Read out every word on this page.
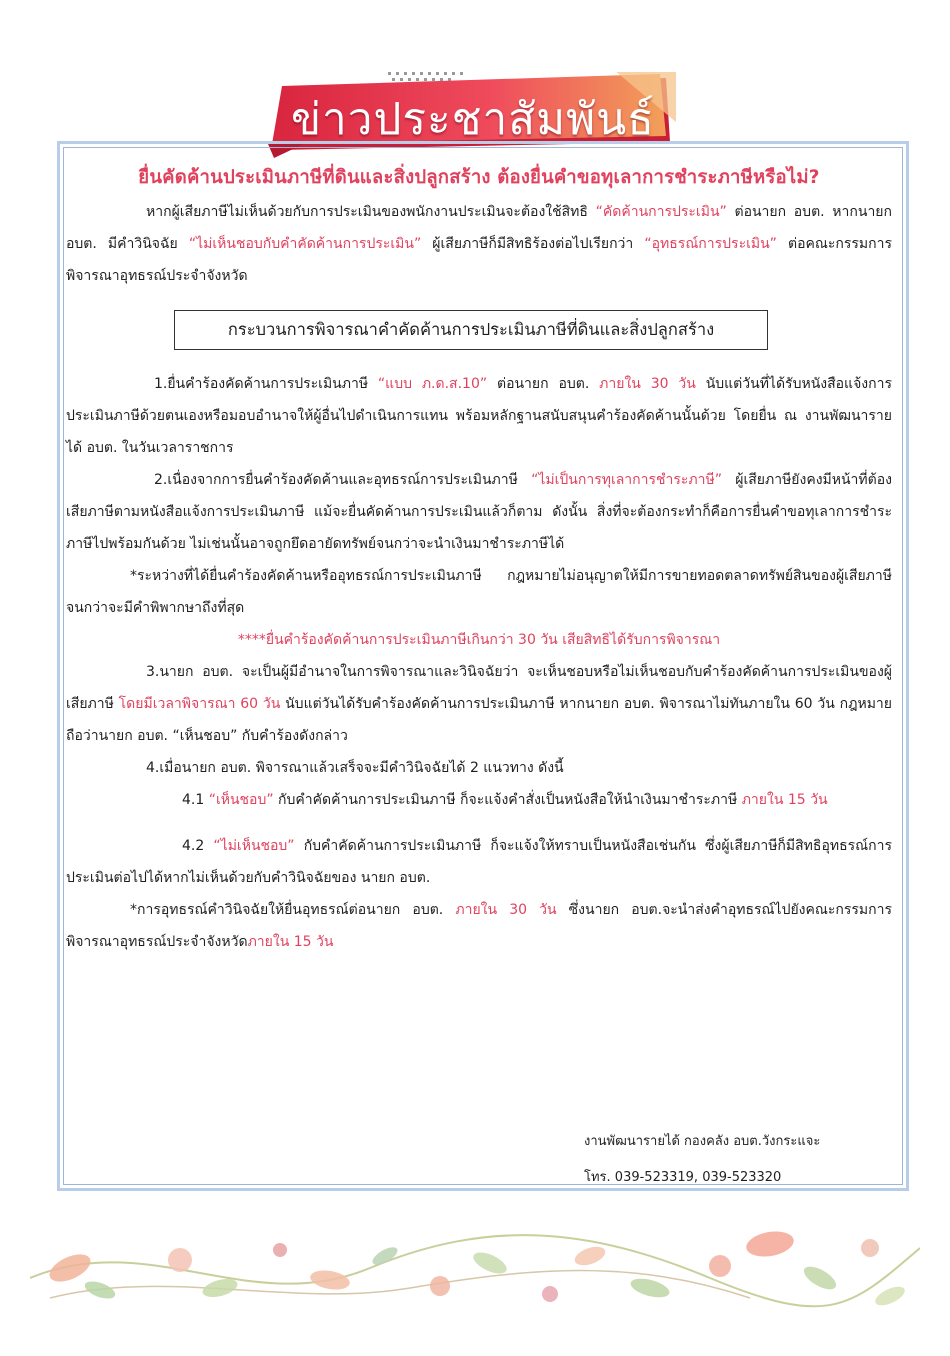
ข่าวประชาสัมพันธ์

ยื่นคัดค้านประเมินภาษีที่ดินและสิ่งปลูกสร้าง ต้องยื่นคำขอทุเลาการชำระภาษีหรือไม่?

หากผู้เสียภาษีไม่เห็นด้วยกับการประเมินของพนักงานประเมินจะต้องใช้สิทธิ “คัดค้านการประเมิน” ต่อนายก อบต. หากนายก อบต. มีคำวินิจฉัย “ไม่เห็นชอบกับคำคัดค้านการประเมิน” ผู้เสียภาษีก็มีสิทธิร้องต่อไปเรียกว่า “อุทธรณ์การประเมิน” ต่อคณะกรรมการพิจารณาอุทธรณ์ประจำจังหวัด

กระบวนการพิจารณาคำคัดค้านการประเมินภาษีที่ดินและสิ่งปลูกสร้าง

1.ยื่นคำร้องคัดค้านการประเมินภาษี “แบบ ภ.ด.ส.10” ต่อนายก อบต. ภายใน 30 วัน นับแต่วันที่ได้รับหนังสือแจ้งการประเมินภาษีด้วยตนเองหรือมอบอำนาจให้ผู้อื่นไปดำเนินการแทน พร้อมหลักฐานสนับสนุนคำร้องคัดค้านนั้นด้วย โดยยื่น ณ งานพัฒนารายได้ อบต. ในวันเวลาราชการ

2.เนื่องจากการยื่นคำร้องคัดค้านและอุทธรณ์การประเมินภาษี “ไม่เป็นการทุเลาการชำระภาษี” ผู้เสียภาษียังคงมีหน้าที่ต้องเสียภาษีตามหนังสือแจ้งการประเมินภาษี แม้จะยื่นคัดค้านการประเมินแล้วก็ตาม ดังนั้น สิ่งที่จะต้องกระทำก็คือการยื่นคำขอทุเลาการชำระภาษีไปพร้อมกันด้วย ไม่เช่นนั้นอาจถูกยึดอายัดทรัพย์จนกว่าจะนำเงินมาชำระภาษีได้

*ระหว่างที่ได้ยื่นคำร้องคัดค้านหรืออุทธรณ์การประเมินภาษี กฎหมายไม่อนุญาตให้มีการขายทอดตลาดทรัพย์สินของผู้เสียภาษีจนกว่าจะมีคำพิพากษาถึงที่สุด

****ยื่นคำร้องคัดค้านการประเมินภาษีเกินกว่า 30 วัน เสียสิทธิได้รับการพิจารณา

3.นายก อบต. จะเป็นผู้มีอำนาจในการพิจารณาและวินิจฉัยว่า จะเห็นชอบหรือไม่เห็นชอบกับคำร้องคัดค้านการประเมินของผู้เสียภาษี โดยมีเวลาพิจารณา 60 วัน นับแต่วันได้รับคำร้องคัดค้านการประเมินภาษี หากนายก อบต. พิจารณาไม่ทันภายใน 60 วัน กฎหมายถือว่านายก อบต. “เห็นชอบ” กับคำร้องดังกล่าว

4.เมื่อนายก อบต. พิจารณาแล้วเสร็จจะมีคำวินิจฉัยได้ 2 แนวทาง ดังนี้

4.1 “เห็นชอบ” กับคำคัดค้านการประเมินภาษี ก็จะแจ้งคำสั่งเป็นหนังสือให้นำเงินมาชำระภาษี ภายใน 15 วัน

4.2 “ไม่เห็นชอบ” กับคำคัดค้านการประเมินภาษี ก็จะแจ้งให้ทราบเป็นหนังสือเช่นกัน ซึ่งผู้เสียภาษีก็มีสิทธิอุทธรณ์การประเมินต่อไปได้หากไม่เห็นด้วยกับคำวินิจฉัยของ นายก อบต.

*การอุทธรณ์คำวินิจฉัยให้ยื่นอุทธรณ์ต่อนายก อบต. ภายใน 30 วัน ซึ่งนายก อบต.จะนำส่งคำอุทธรณ์ไปยังคณะกรรมการพิจารณาอุทธรณ์ประจำจังหวัดภายใน 15 วัน

งานพัฒนารายได้ กองคลัง อบต.วังกระแจะ
โทร. 039-523319, 039-523320
